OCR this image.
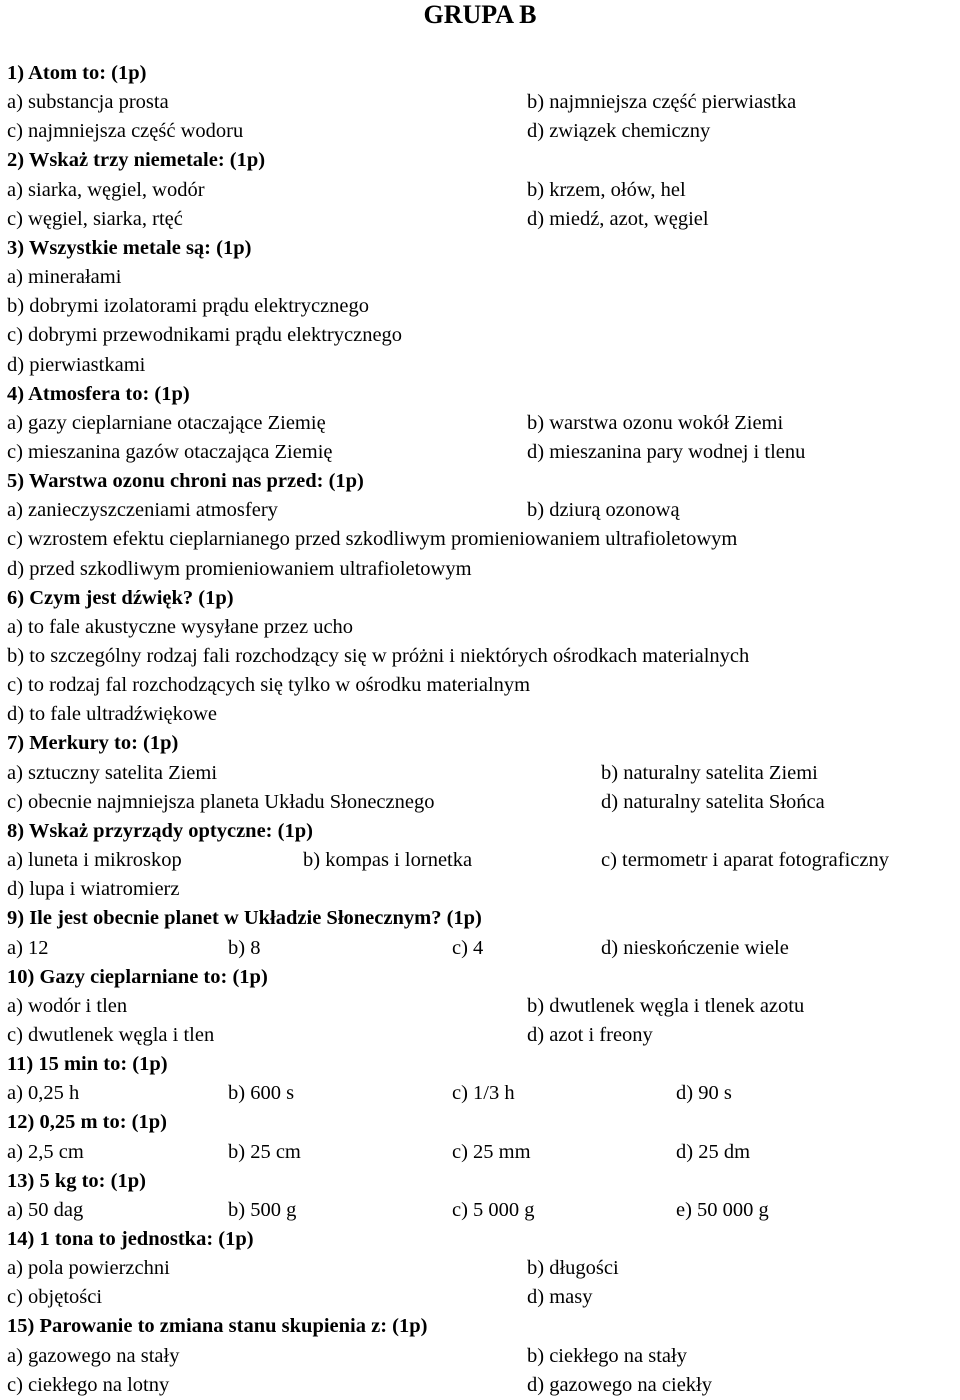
GRUPA B
1) Atom to: (1p)
a) substancja prosta	b) najmniejsza część pierwiastka
c) najmniejsza część wodoru	d) związek chemiczny
2) Wskaż trzy niemetale: (1p)
a) siarka, węgiel, wodór	b) krzem, ołów, hel
c) węgiel, siarka, rtęć	d) miedź, azot, węgiel
3) Wszystkie metale są: (1p)
a) minerałami
b) dobrymi izolatorami prądu elektrycznego
c) dobrymi przewodnikami prądu elektrycznego
d) pierwiastkami
4) Atmosfera to: (1p)
a) gazy cieplarniane otaczające Ziemię	b) warstwa ozonu wokół Ziemi
c) mieszanina gazów otaczająca Ziemię	d) mieszanina pary wodnej i tlenu
5) Warstwa ozonu chroni nas przed: (1p)
a) zanieczyszczeniami atmosfery	b) dziurą ozonową
c) wzrostem efektu cieplarnianego przed szkodliwym promieniowaniem ultrafioletowym
d) przed szkodliwym promieniowaniem ultrafioletowym
6) Czym jest dźwięk? (1p)
a) to fale akustyczne wysyłane przez ucho
b) to szczególny rodzaj fali rozchodzący się w próżni i niektórych ośrodkach materialnych
c) to rodzaj fal rozchodzących się tylko w ośrodku materialnym
d) to fale ultradźwiękowe
7) Merkury to: (1p)
a) sztuczny satelita Ziemi	b) naturalny satelita Ziemi
c) obecnie najmniejsza planeta Układu Słonecznego	d) naturalny satelita Słońca
8) Wskaż przyrządy optyczne: (1p)
a) luneta i mikroskop	b) kompas i lornetka	c) termometr i aparat fotograficzny
d) lupa i wiatromierz
9) Ile jest obecnie planet w Układzie Słonecznym? (1p)
a) 12	b) 8	c) 4	d) nieskończenie wiele
10) Gazy cieplarniane to: (1p)
a) wodór i tlen	b) dwutlenek węgla i tlenek azotu
c) dwutlenek węgla i tlen	d) azot i freony
11) 15 min to: (1p)
a) 0,25 h	b) 600 s	c) 1/3 h	d) 90 s
12) 0,25 m to: (1p)
a) 2,5 cm	b) 25 cm	c) 25 mm	d) 25 dm
13) 5 kg to: (1p)
a) 50 dag	b) 500 g	c) 5 000 g	e) 50 000 g
14) 1 tona to jednostka: (1p)
a) pola powierzchni	b) długości
c) objętości	d) masy
15) Parowanie to zmiana stanu skupienia z: (1p)
a) gazowego na stały	b) ciekłego na stały
c) ciekłego na lotny	d) gazowego na ciekły
